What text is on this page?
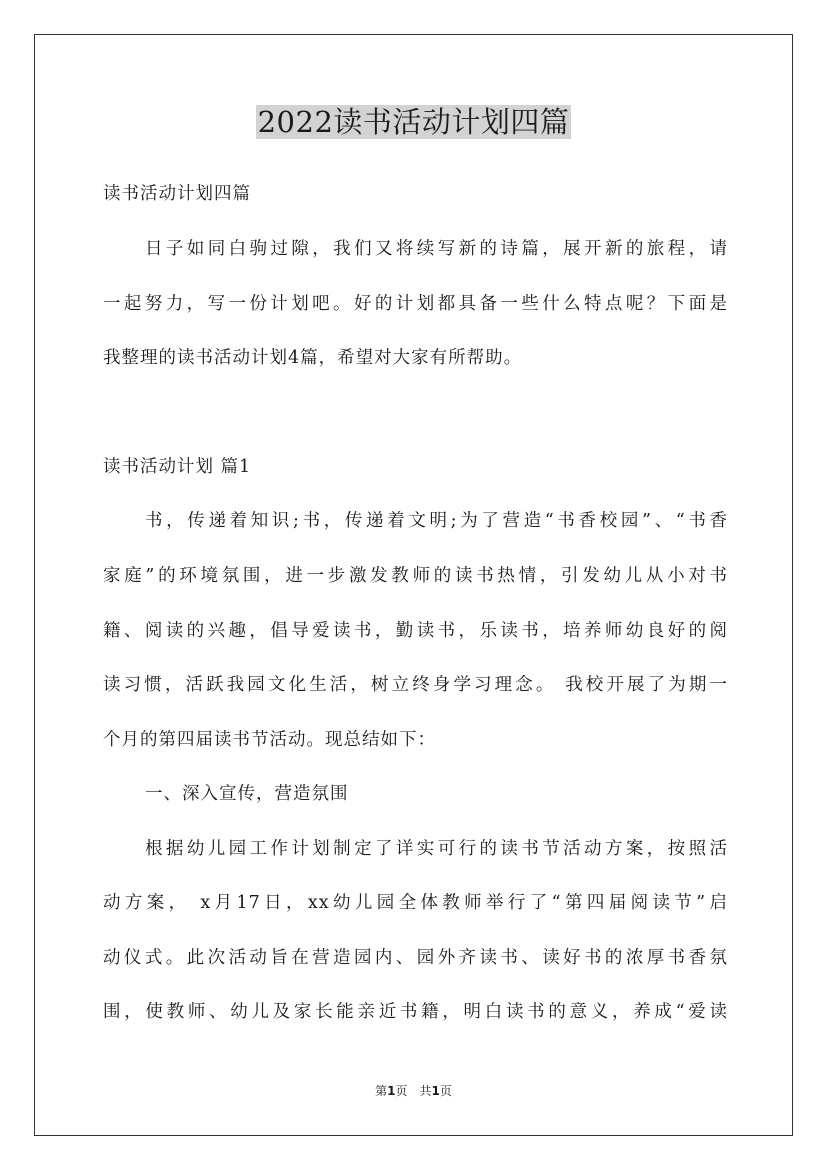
2022读书活动计划四篇
读书活动计划四篇
日子如同白驹过隙，我们又将续写新的诗篇，展开新的旅程，请
一起努力，写一份计划吧。好的计划都具备一些什么特点呢？下面是
我整理的读书活动计划4篇，希望对大家有所帮助。
读书活动计划 篇1
书，传递着知识;书，传递着文明;为了营造“书香校园”、“书香
家庭”的环境氛围，进一步激发教师的读书热情，引发幼儿从小对书
籍、阅读的兴趣，倡导爱读书，勤读书，乐读书，培养师幼良好的阅
读习惯，活跃我园文化生活，树立终身学习理念。 我校开展了为期一
个月的第四届读书节活动。现总结如下：
一、深入宣传，营造氛围
根据幼儿园工作计划制定了详实可行的读书节活动方案，按照活
动方案， x月17日，xx幼儿园全体教师举行了“第四届阅读节”启
动仪式。此次活动旨在营造园内、园外齐读书、读好书的浓厚书香氛
围，使教师、幼儿及家长能亲近书籍，明白读书的意义，养成“爱读
第1页　共1页
